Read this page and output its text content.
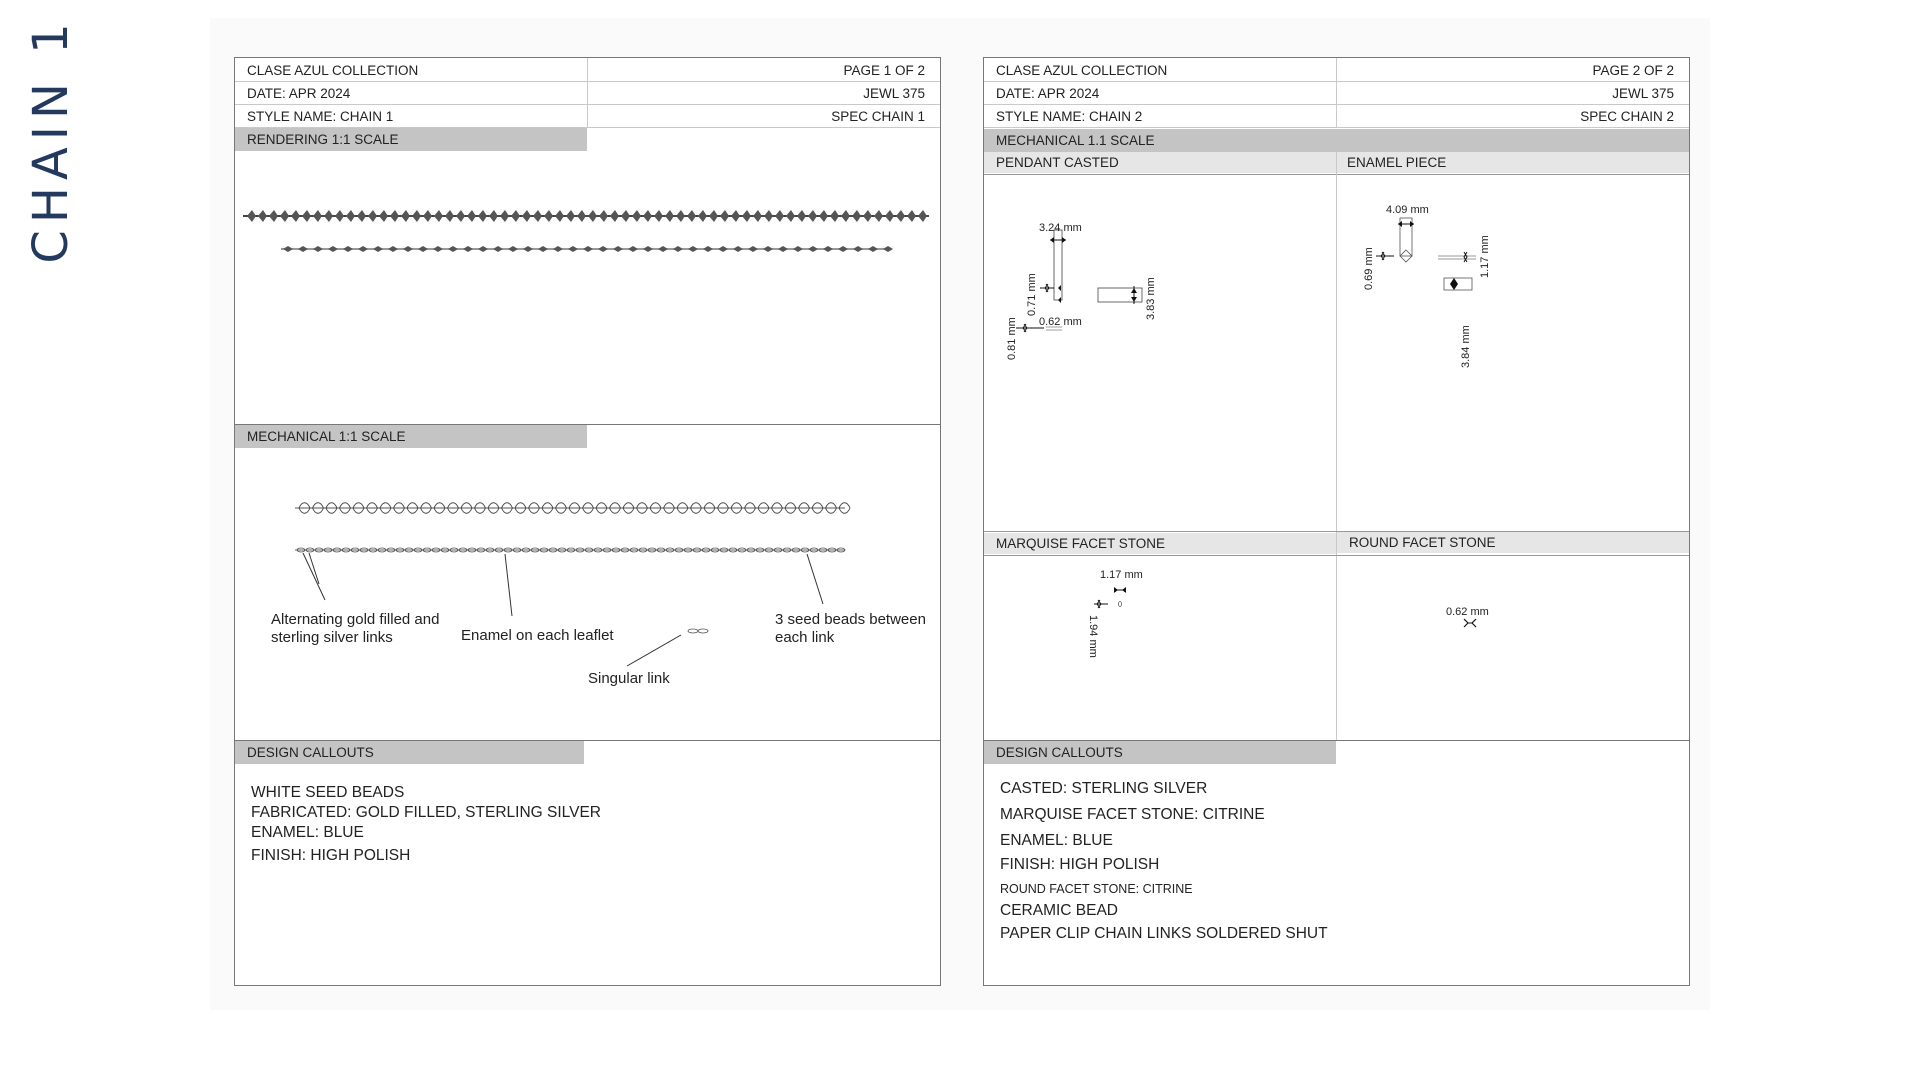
CHAIN 1	CLASE AZUL COLLECTION	PAGE 1 OF 2
DATE: APR 2024	JEWL 375
STYLE NAME: CHAIN 1	SPEC CHAIN 1
RENDERING 1:1 SCALE
MECHANICAL 1:1 SCALE
Alternating gold filled and sterling silver links	Enamel on each leaflet
Singular link
3 seed beads between each link
DESIGN CALLOUTS
WHITE SEED BEADS
FABRICATED: GOLD FILLED, STERLING SILVER
ENAMEL: BLUE
FINISH: HIGH POLISH
CLASE AZUL COLLECTION	PAGE 2 OF 2
DATE: APR 2024	JEWL 375
STYLE NAME: CHAIN 2	SPEC CHAIN 2
MECHANICAL 1.1 SCALE
PENDANT CASTED	ENAMEL PIECE
3.24 mm
0.71 mm
0.62 mm
0.81 mm
3.83 mm
4.09 mm
0.69 mm	1.17 mm
3.84 mm
MARQUISE FACET STONE	ROUND FACET STONE
1.17 mm
1.94 mm
0.62 mm
DESIGN CALLOUTS
CASTED: STERLING SILVER
MARQUISE FACET STONE: CITRINE
ENAMEL: BLUE
FINISH: HIGH POLISH
ROUND FACET STONE: CITRINE
CERAMIC BEAD
PAPER CLIP CHAIN LINKS SOLDERED SHUT
